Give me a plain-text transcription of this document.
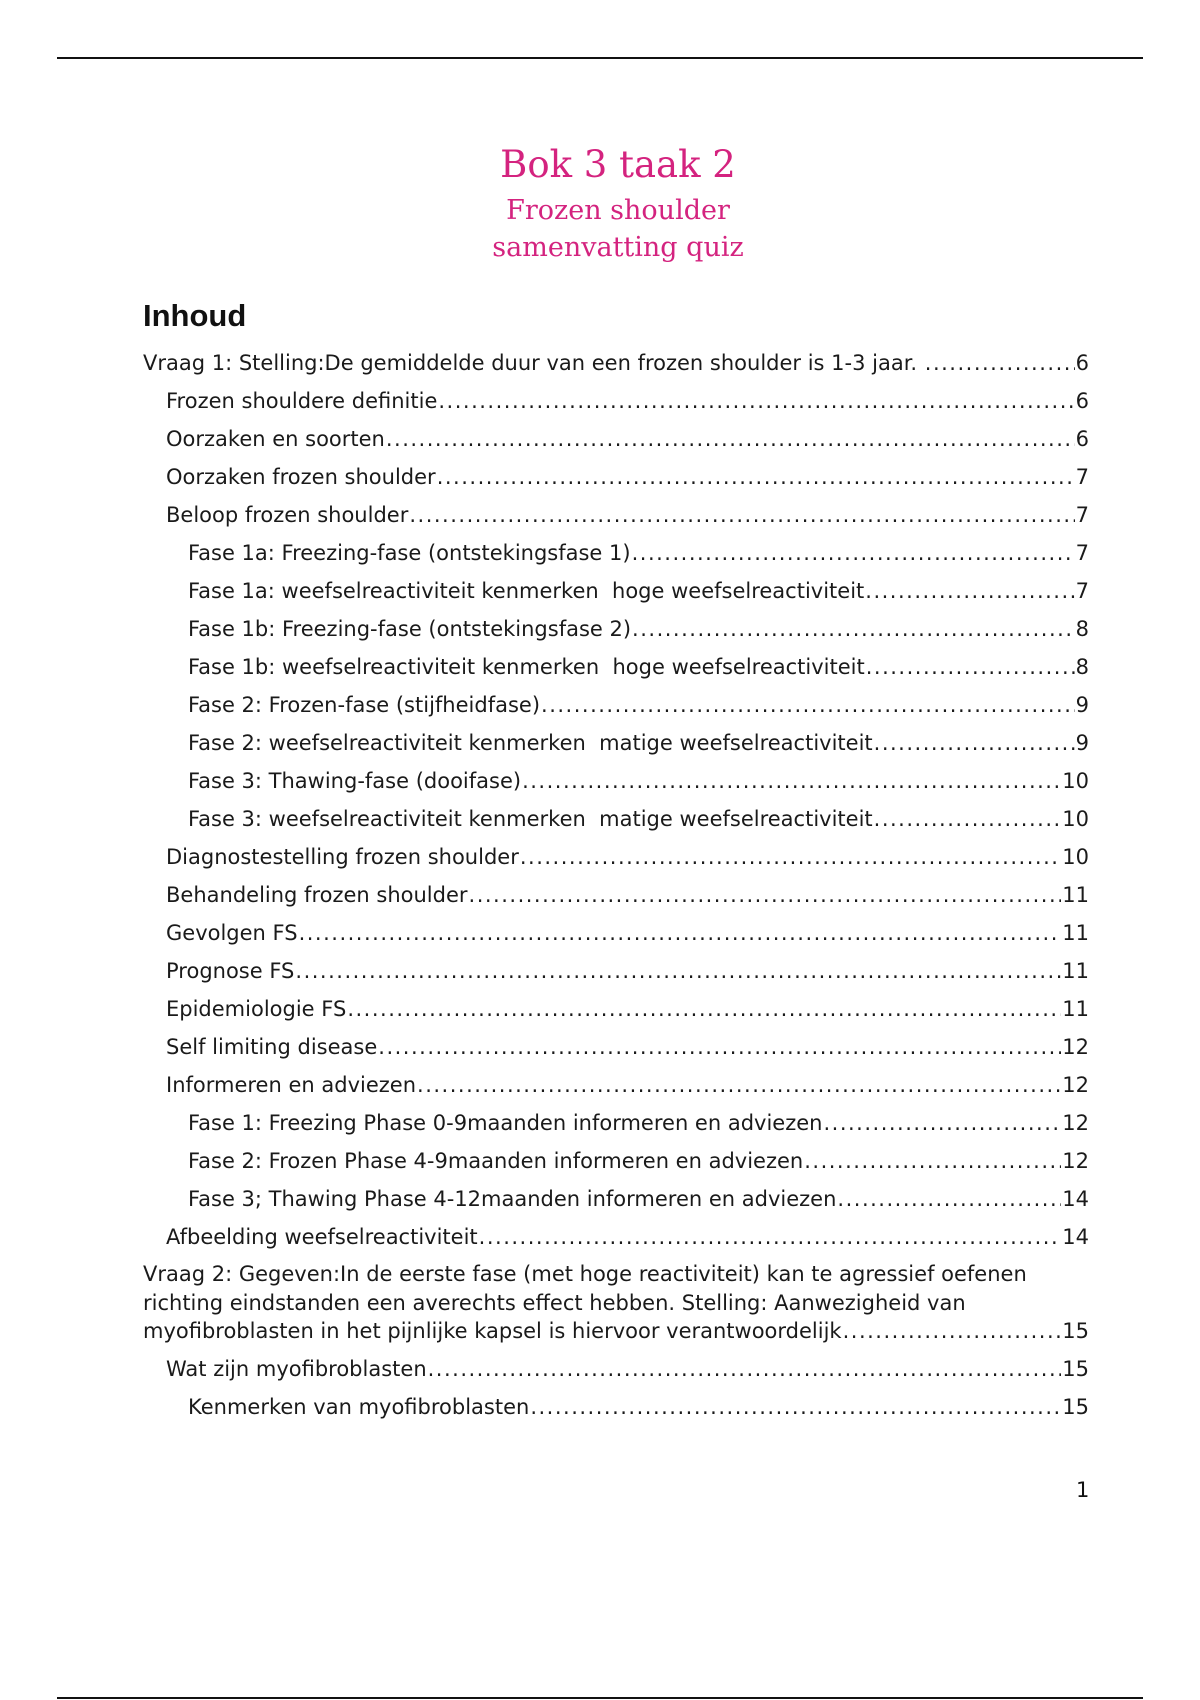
Bok 3 taak 2
Frozen shoulder
samenvatting quiz
Inhoud
Vraag 1: Stelling:De gemiddelde duur van een frozen shoulder is 1-3 jaar. .....	6
Frozen shouldere definitie .....	6
Oorzaken en soorten .....	6
Oorzaken frozen shoulder .....	7
Beloop frozen shoulder .....	7
Fase 1a: Freezing-fase (ontstekingsfase 1) .....	7
Fase 1a: weefselreactiviteit kenmerken  hoge weefselreactiviteit .....	7
Fase 1b: Freezing-fase (ontstekingsfase 2) .....	8
Fase 1b: weefselreactiviteit kenmerken  hoge weefselreactiviteit .....	8
Fase 2: Frozen-fase (stijfheidfase) .....	9
Fase 2: weefselreactiviteit kenmerken  matige weefselreactiviteit .....	9
Fase 3: Thawing-fase (dooifase) .....	10
Fase 3: weefselreactiviteit kenmerken  matige weefselreactiviteit .....	10
Diagnostestelling frozen shoulder .....	10
Behandeling frozen shoulder .....	11
Gevolgen FS .....	11
Prognose FS .....	11
Epidemiologie FS .....	11
Self limiting disease .....	12
Informeren en adviezen .....	12
Fase 1: Freezing Phase 0-9maanden informeren en adviezen .....	12
Fase 2: Frozen Phase 4-9maanden informeren en adviezen .....	12
Fase 3; Thawing Phase 4-12maanden informeren en adviezen .....	14
Afbeelding weefselreactiviteit .....	14
Vraag 2: Gegeven:In de eerste fase (met hoge reactiviteit) kan te agressief oefenen
richting eindstanden een averechts effect hebben. Stelling: Aanwezigheid van
myofibroblasten in het pijnlijke kapsel is hiervoor verantwoordelijk .....	15
Wat zijn myofibroblasten .....	15
Kenmerken van myofibroblasten .....	15
1
